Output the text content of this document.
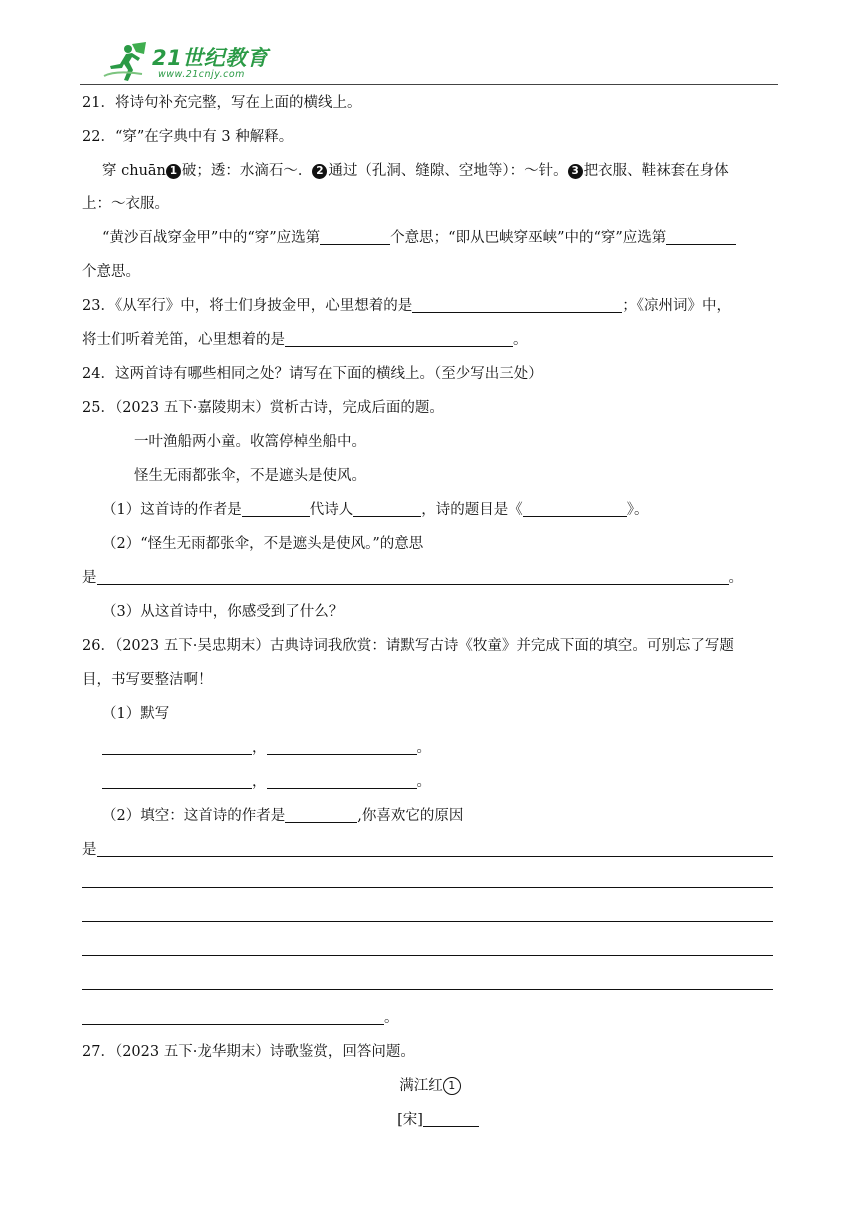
21世纪教育
www.21cnjy.com
21．将诗句补充完整，写在上面的横线上。
22．“穿”在字典中有 3 种解释。
穿 chuān 1 破；透：水滴石～． 2 通过（孔洞、缝隙、空地等）：～针。 3 把衣服、鞋袜套在身体
上：～衣服。
“黄沙百战穿金甲”中的“穿”应选第	个意思；“即从巴峡穿巫峡”中的“穿”应选第
个意思。
23．《从军行》中，将士们身披金甲，心里想着的是	；《凉州词》中，
将士们听着羌笛，心里想着的是	。
24．这两首诗有哪些相同之处？请写在下面的横线上。（至少写出三处）
25．（2023 五下·嘉陵期末）赏析古诗，完成后面的题。
一叶渔船两小童。收篙停棹坐船中。
怪生无雨都张伞，不是遮头是使风。
（1）这首诗的作者是	代诗人	，诗的题目是《	》。
（2）“怪生无雨都张伞，不是遮头是使风。”的意思
是	。
（3）从这首诗中，你感受到了什么？
26．（2023 五下·吴忠期末）古典诗词我欣赏：请默写古诗《牧童》并完成下面的填空。可别忘了写题
目，书写要整洁啊！
（1）默写
，	。
，	。
（2）填空：这首诗的作者是	,你喜欢它的原因
是
。
27．（2023 五下·龙华期末）诗歌鉴赏，回答问题。
满江红 1
[宋]
